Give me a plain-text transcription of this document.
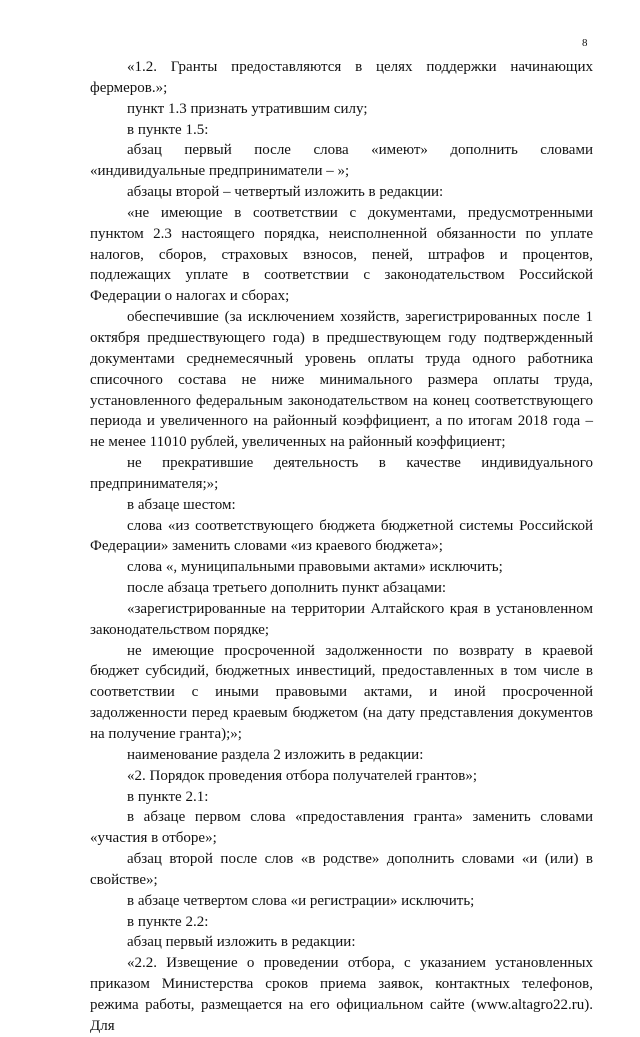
8

«1.2. Гранты предоставляются в целях поддержки начинающих фермеров.»;

пункт 1.3 признать утратившим силу;

в пункте 1.5:

абзац первый после слова «имеют» дополнить словами «индивидуальные предприниматели – »;

абзацы второй – четвертый изложить в редакции:

«не имеющие в соответствии с документами, предусмотренными пунктом 2.3 настоящего порядка, неисполненной обязанности по уплате налогов, сборов, страховых взносов, пеней, штрафов и процентов, подлежащих уплате в соответствии с законодательством Российской Федерации о налогах и сборах;

обеспечившие (за исключением хозяйств, зарегистрированных после 1 октября предшествующего года) в предшествующем году подтвержденный документами среднемесячный уровень оплаты труда одного работника списочного состава не ниже минимального размера оплаты труда, установленного федеральным законодательством на конец соответствующего периода и увеличенного на районный коэффициент, а по итогам 2018 года – не менее 11010 рублей, увеличенных на районный коэффициент;

не прекратившие деятельность в качестве индивидуального предпринимателя;»;

в абзаце шестом:

слова «из соответствующего бюджета бюджетной системы Российской Федерации» заменить словами «из краевого бюджета»;

слова «, муниципальными правовыми актами» исключить;

после абзаца третьего дополнить пункт абзацами:

«зарегистрированные на территории Алтайского края в установленном законодательством порядке;

не имеющие просроченной задолженности по возврату в краевой бюджет субсидий, бюджетных инвестиций, предоставленных в том числе в соответствии с иными правовыми актами, и иной просроченной задолженности перед краевым бюджетом (на дату представления документов на получение гранта);»;

наименование раздела 2 изложить в редакции:

«2. Порядок проведения отбора получателей грантов»;

в пункте 2.1:

в абзаце первом слова «предоставления гранта» заменить словами «участия в отборе»;

абзац второй после слов «в родстве» дополнить словами «и (или) в свойстве»;

в абзаце четвертом слова «и регистрации» исключить;

в пункте 2.2:

абзац первый изложить в редакции:

«2.2. Извещение о проведении отбора, с указанием установленных приказом Министерства сроков приема заявок, контактных телефонов, режима работы, размещается на его официальном сайте (www.altagro22.ru). Для
